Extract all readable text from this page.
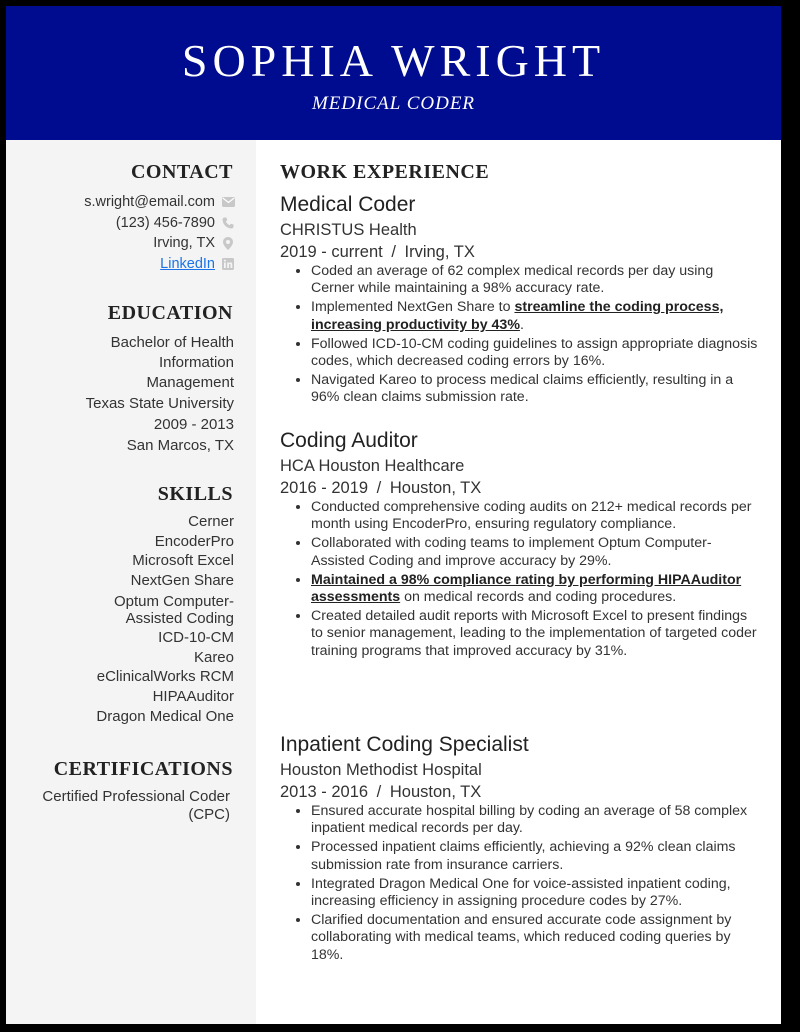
SOPHIA WRIGHT
MEDICAL CODER
CONTACT
s.wright@email.com
(123) 456-7890
Irving, TX
LinkedIn
EDUCATION
Bachelor of Health
Information
Management
Texas State University
2009 - 2013
San Marcos, TX
SKILLS
Cerner
EncoderPro
Microsoft Excel
NextGen Share
Optum Computer-
Assisted Coding
ICD-10-CM
Kareo
eClinicalWorks RCM
HIPAAuditor
Dragon Medical One
CERTIFICATIONS
Certified Professional Coder
(CPC)
WORK EXPERIENCE
Medical Coder
CHRISTUS Health
2019 - current / Irving, TX
• Coded an average of 62 complex medical records per day using Cerner while maintaining a 98% accuracy rate.
• Implemented NextGen Share to streamline the coding process, increasing productivity by 43%.
• Followed ICD-10-CM coding guidelines to assign appropriate diagnosis codes, which decreased coding errors by 16%.
• Navigated Kareo to process medical claims efficiently, resulting in a 96% clean claims submission rate.
Coding Auditor
HCA Houston Healthcare
2016 - 2019 / Houston, TX
• Conducted comprehensive coding audits on 212+ medical records per month using EncoderPro, ensuring regulatory compliance.
• Collaborated with coding teams to implement Optum Computer-Assisted Coding and improve accuracy by 29%.
• Maintained a 98% compliance rating by performing HIPAAuditor assessments on medical records and coding procedures.
• Created detailed audit reports with Microsoft Excel to present findings to senior management, leading to the implementation of targeted coder training programs that improved accuracy by 31%.
Inpatient Coding Specialist
Houston Methodist Hospital
2013 - 2016 / Houston, TX
• Ensured accurate hospital billing by coding an average of 58 complex inpatient medical records per day.
• Processed inpatient claims efficiently, achieving a 92% clean claims submission rate from insurance carriers.
• Integrated Dragon Medical One for voice-assisted inpatient coding, increasing efficiency in assigning procedure codes by 27%.
• Clarified documentation and ensured accurate code assignment by collaborating with medical teams, which reduced coding queries by 18%.
